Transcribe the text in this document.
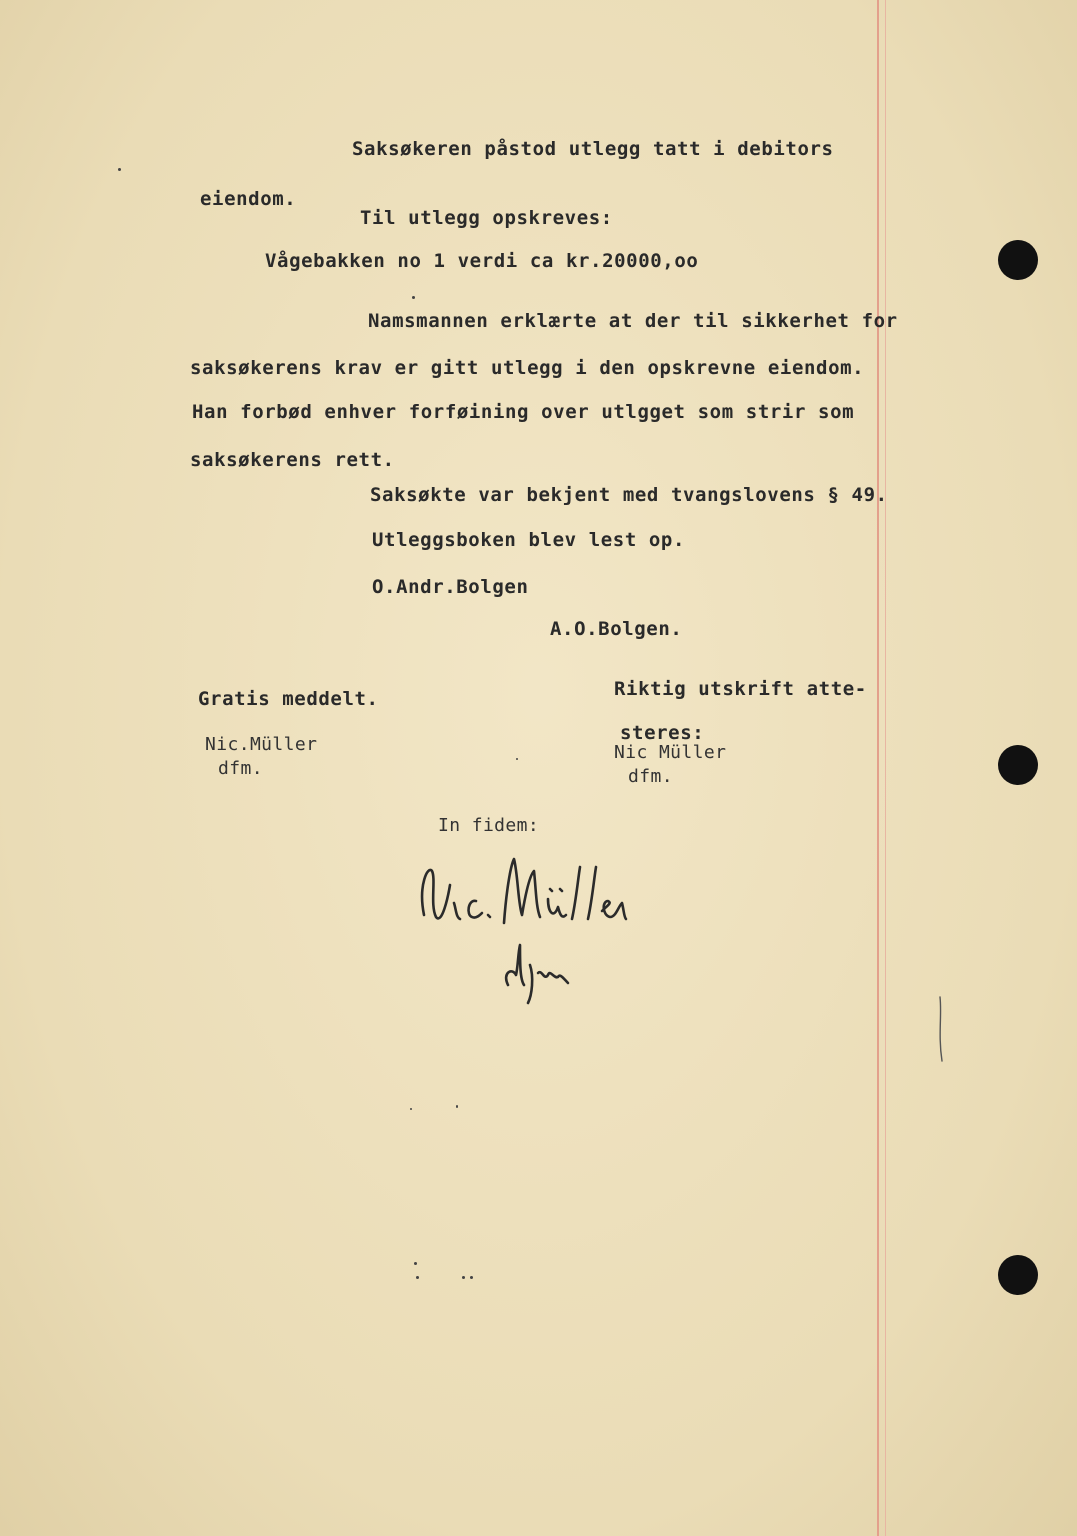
Saksøkeren påstod utlegg tatt i debitors
eiendom.
Til utlegg opskreves:
Vågebakken no 1 verdi ca kr.20000,oo
Namsmannen erklærte at der til sikkerhet for
saksøkerens krav er gitt utlegg i den opskrevne eiendom.
Han forbød enhver forføining over utlgget som strir som
saksøkerens rett.
Saksøkte var bekjent med tvangslovens § 49.
Utleggsboken blev lest op.
O.Andr.Bolgen
A.O.Bolgen.
Gratis meddelt.
Nic.Müller
dfm.
Riktig utskrift atte-
steres:
Nic Müller
dfm.
In fidem:
